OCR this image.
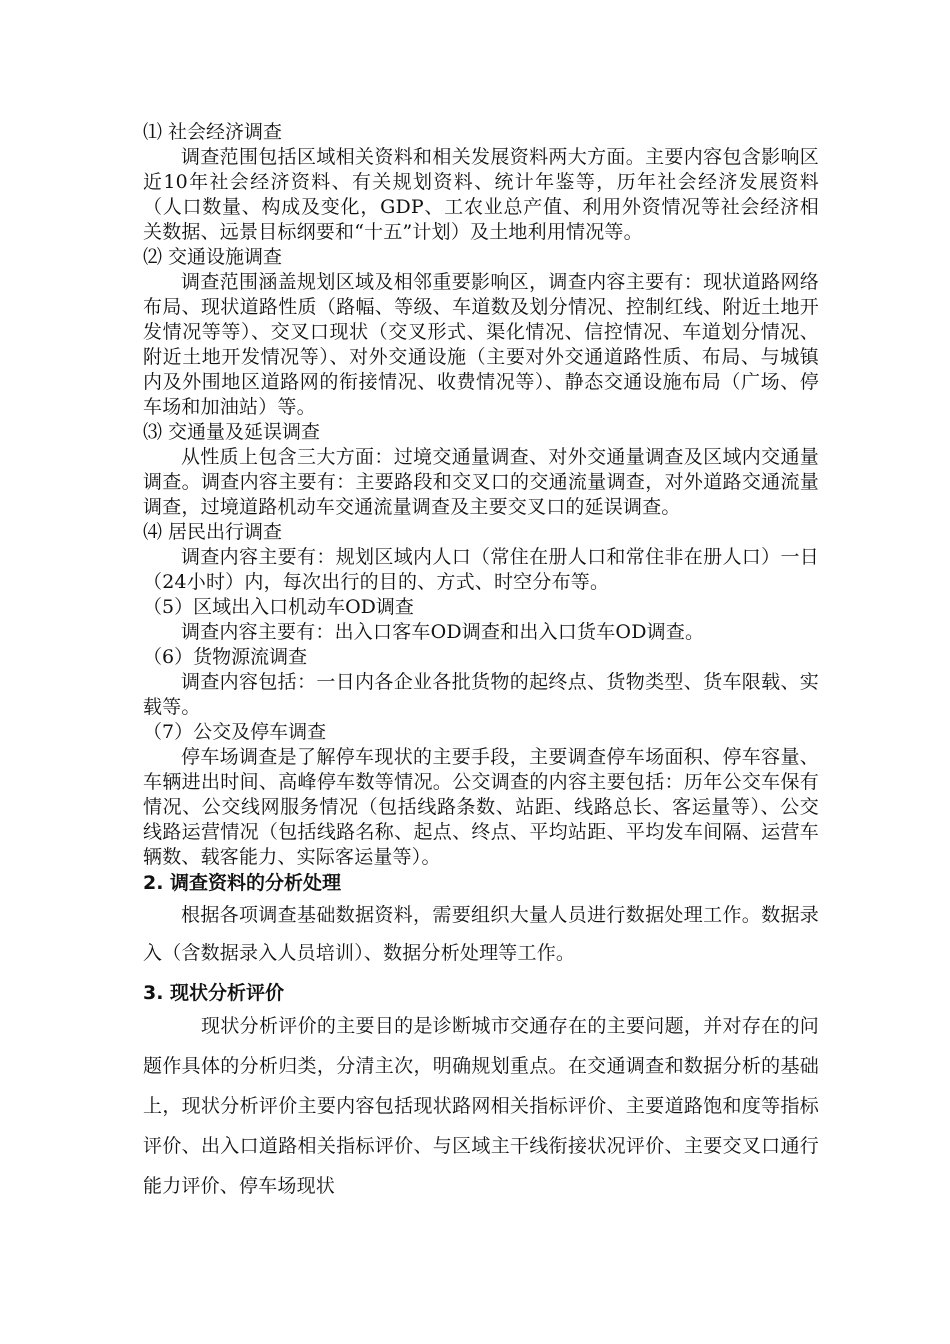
⑴ 社会经济调查

调查范围包括区域相关资料和相关发展资料两大方面。主要内容包含影响区近10年社会经济资料、有关规划资料、统计年鉴等，历年社会经济发展资料（人口数量、构成及变化，GDP、工农业总产值、利用外资情况等社会经济相关数据、远景目标纲要和“十五”计划）及土地利用情况等。

⑵ 交通设施调查

调查范围涵盖规划区域及相邻重要影响区，调查内容主要有：现状道路网络布局、现状道路性质（路幅、等级、车道数及划分情况、控制红线、附近土地开发情况等等）、交叉口现状（交叉形式、渠化情况、信控情况、车道划分情况、附近土地开发情况等）、对外交通设施（主要对外交通道路性质、布局、与城镇内及外围地区道路网的衔接情况、收费情况等）、静态交通设施布局（广场、停车场和加油站）等。

⑶ 交通量及延误调查

从性质上包含三大方面：过境交通量调查、对外交通量调查及区域内交通量调查。调查内容主要有：主要路段和交叉口的交通流量调查，对外道路交通流量调查，过境道路机动车交通流量调查及主要交叉口的延误调查。

⑷ 居民出行调查

调查内容主要有：规划区域内人口（常住在册人口和常住非在册人口）一日（24小时）内，每次出行的目的、方式、时空分布等。

（5）区域出入口机动车OD调查

调查内容主要有：出入口客车OD调查和出入口货车OD调查。

（6）货物源流调查

调查内容包括：一日内各企业各批货物的起终点、货物类型、货车限载、实载等。

（7）公交及停车调查

停车场调查是了解停车现状的主要手段，主要调查停车场面积、停车容量、车辆进出时间、高峰停车数等情况。公交调查的内容主要包括：历年公交车保有情况、公交线网服务情况（包括线路条数、站距、线路总长、客运量等）、公交线路运营情况（包括线路名称、起点、终点、平均站距、平均发车间隔、运营车辆数、载客能力、实际客运量等）。

2. 调查资料的分析处理

根据各项调查基础数据资料，需要组织大量人员进行数据处理工作。数据录入（含数据录入人员培训）、数据分析处理等工作。

3. 现状分析评价

现状分析评价的主要目的是诊断城市交通存在的主要问题，并对存在的问题作具体的分析归类，分清主次，明确规划重点。在交通调查和数据分析的基础上，现状分析评价主要内容包括现状路网相关指标评价、主要道路饱和度等指标评价、出入口道路相关指标评价、与区域主干线衔接状况评价、主要交叉口通行能力评价、停车场现状
